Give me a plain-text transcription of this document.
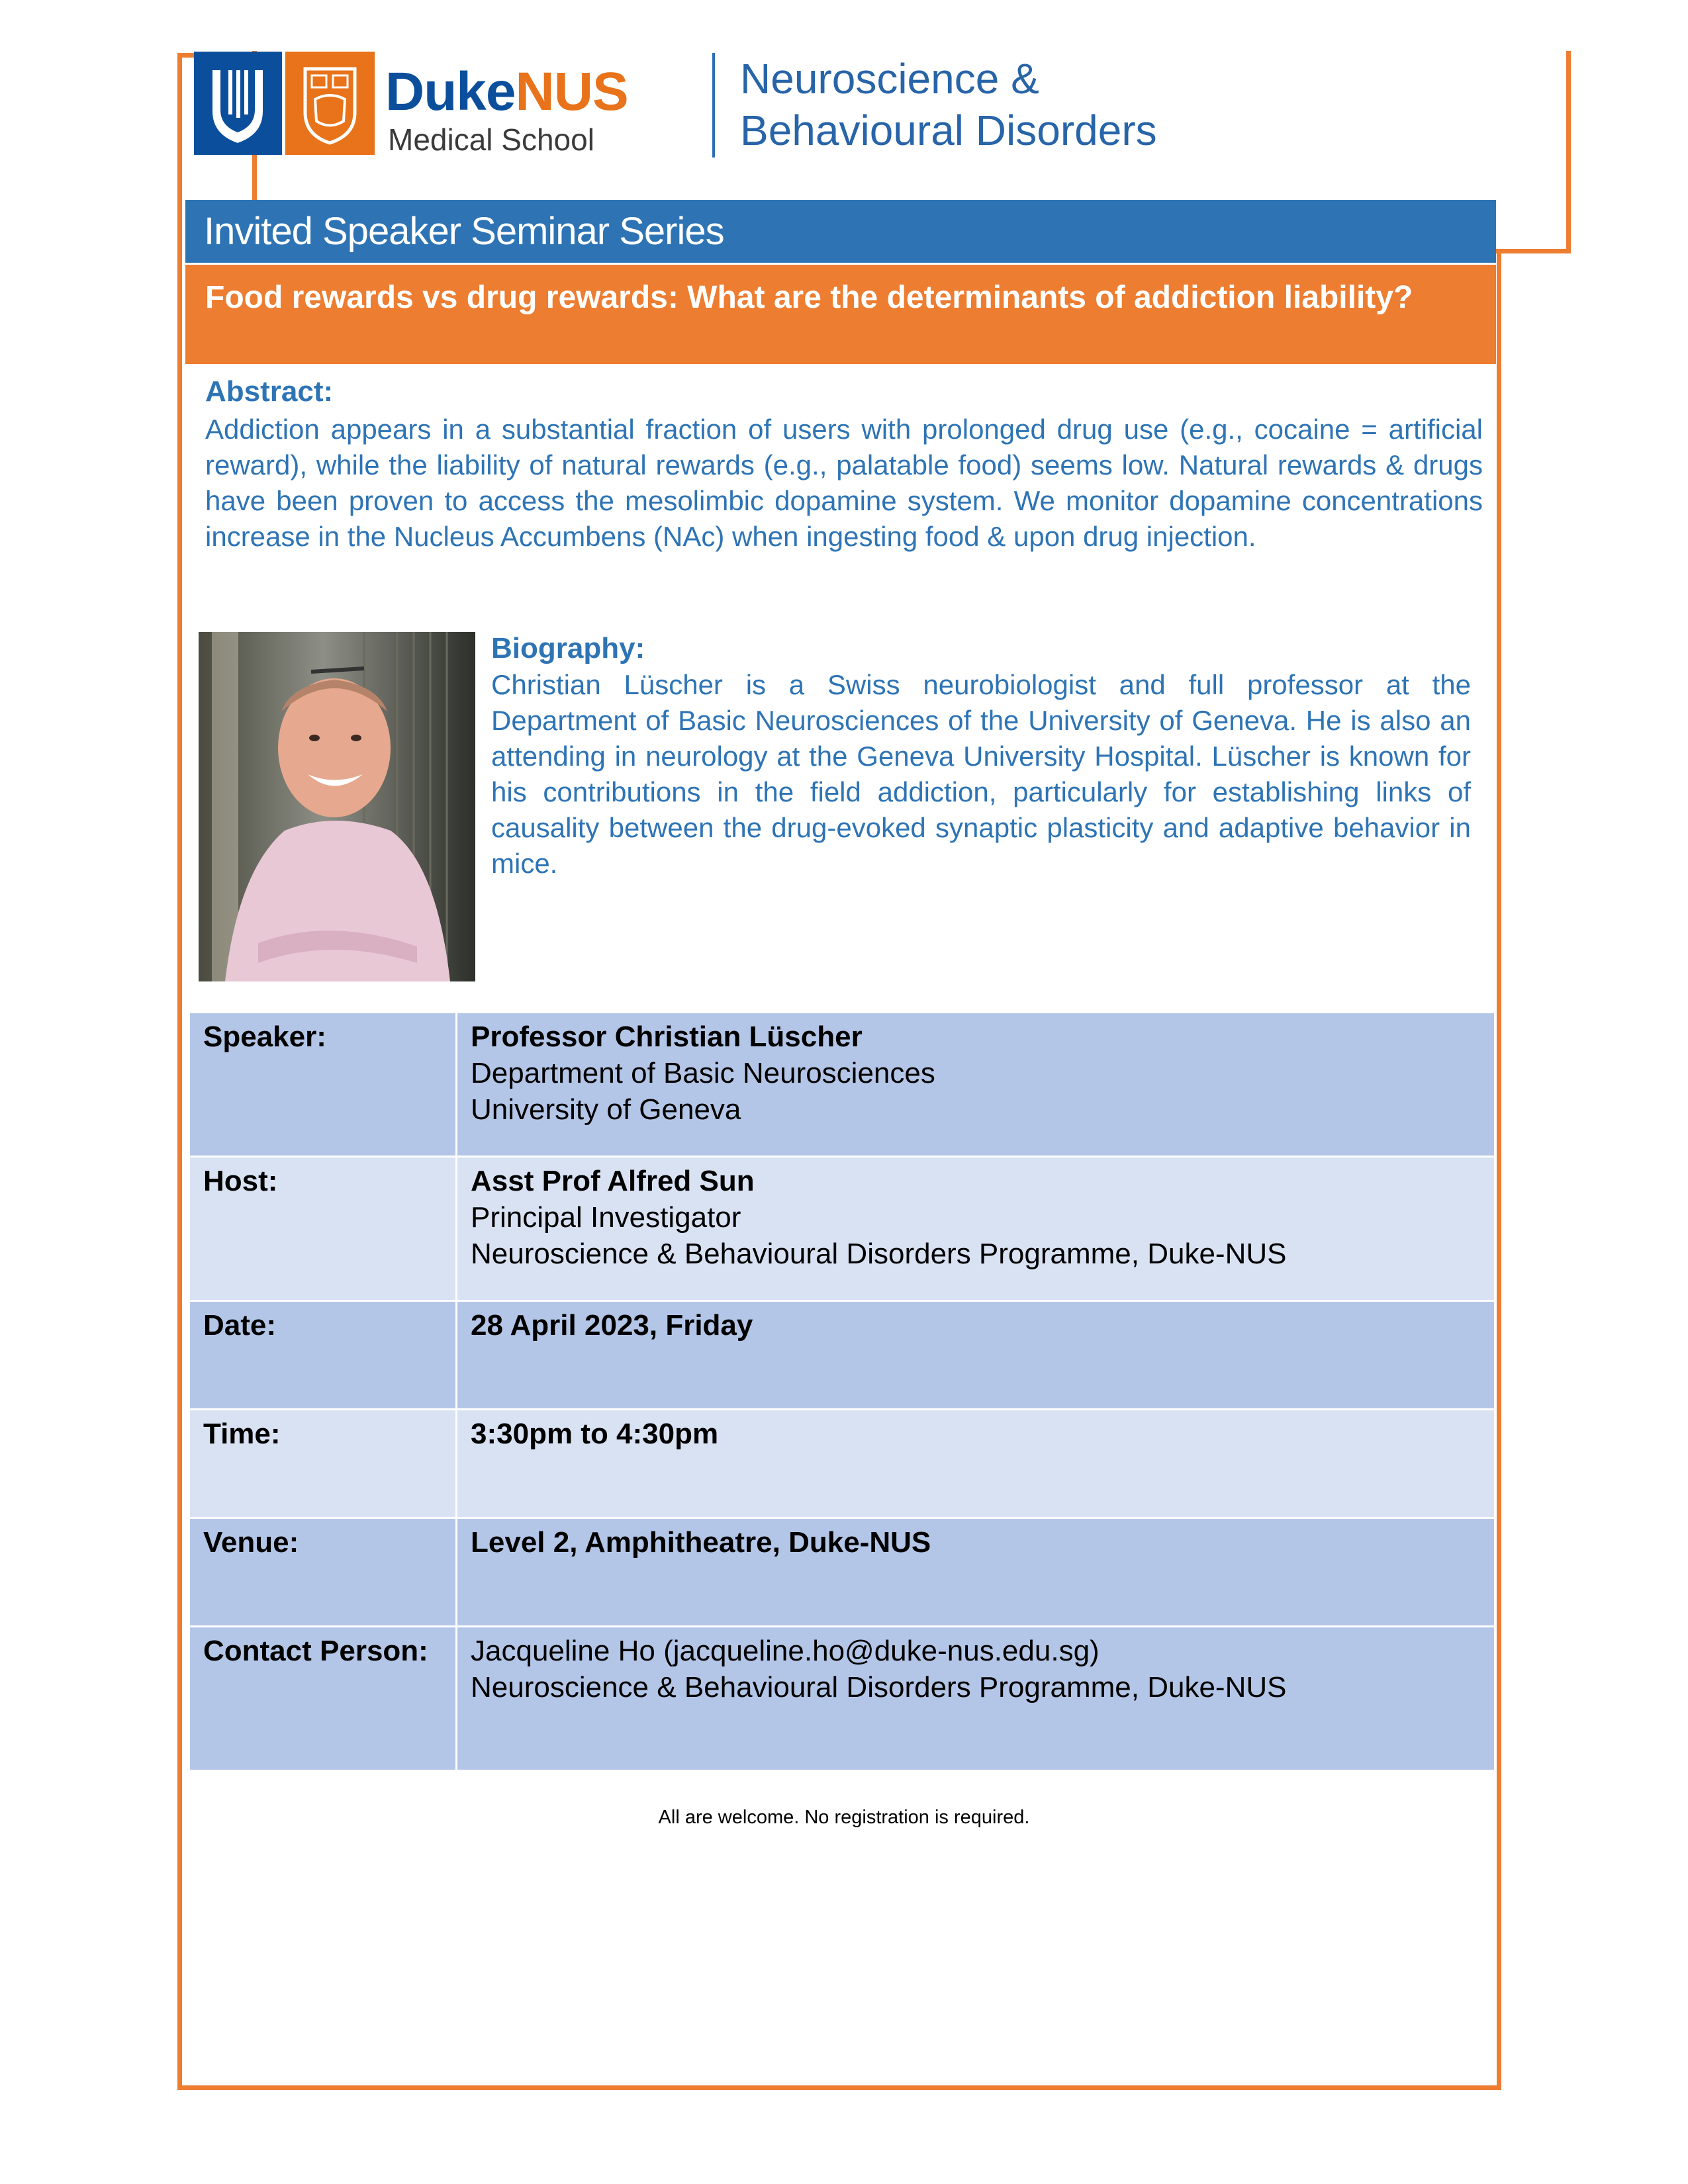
DukeNUS
Medical School
Neuroscience &
Behavioural Disorders
Invited Speaker Seminar Series
Food rewards vs drug rewards: What are the determinants of addiction liability?
Abstract:
Addiction appears in a substantial fraction of users with prolonged drug use (e.g., cocaine = artificial reward), while the liability of natural rewards (e.g., palatable food) seems low. Natural rewards & drugs have been proven to access the mesolimbic dopamine system. We monitor dopamine concentrations increase in the Nucleus Accumbens (NAc) when ingesting food & upon drug injection.
Biography:
Christian Lüscher is a Swiss neurobiologist and full professor at the Department of Basic Neurosciences of the University of Geneva. He is also an attending in neurology at the Geneva University Hospital. Lüscher is known for his contributions in the field addiction, particularly for establishing links of causality between the drug-evoked synaptic plasticity and adaptive behavior in mice.
Speaker:	Professor Christian Lüscher
Department of Basic Neurosciences
University of Geneva

Host:	Asst Prof Alfred Sun
Principal Investigator
Neuroscience & Behavioural Disorders Programme, Duke-NUS

Date:	28 April 2023, Friday

Time:	3:30pm to 4:30pm

Venue:	Level 2, Amphitheatre, Duke-NUS

Contact Person:	Jacqueline Ho (jacqueline.ho@duke-nus.edu.sg)
Neuroscience & Behavioural Disorders Programme, Duke-NUS
All are welcome. No registration is required.
